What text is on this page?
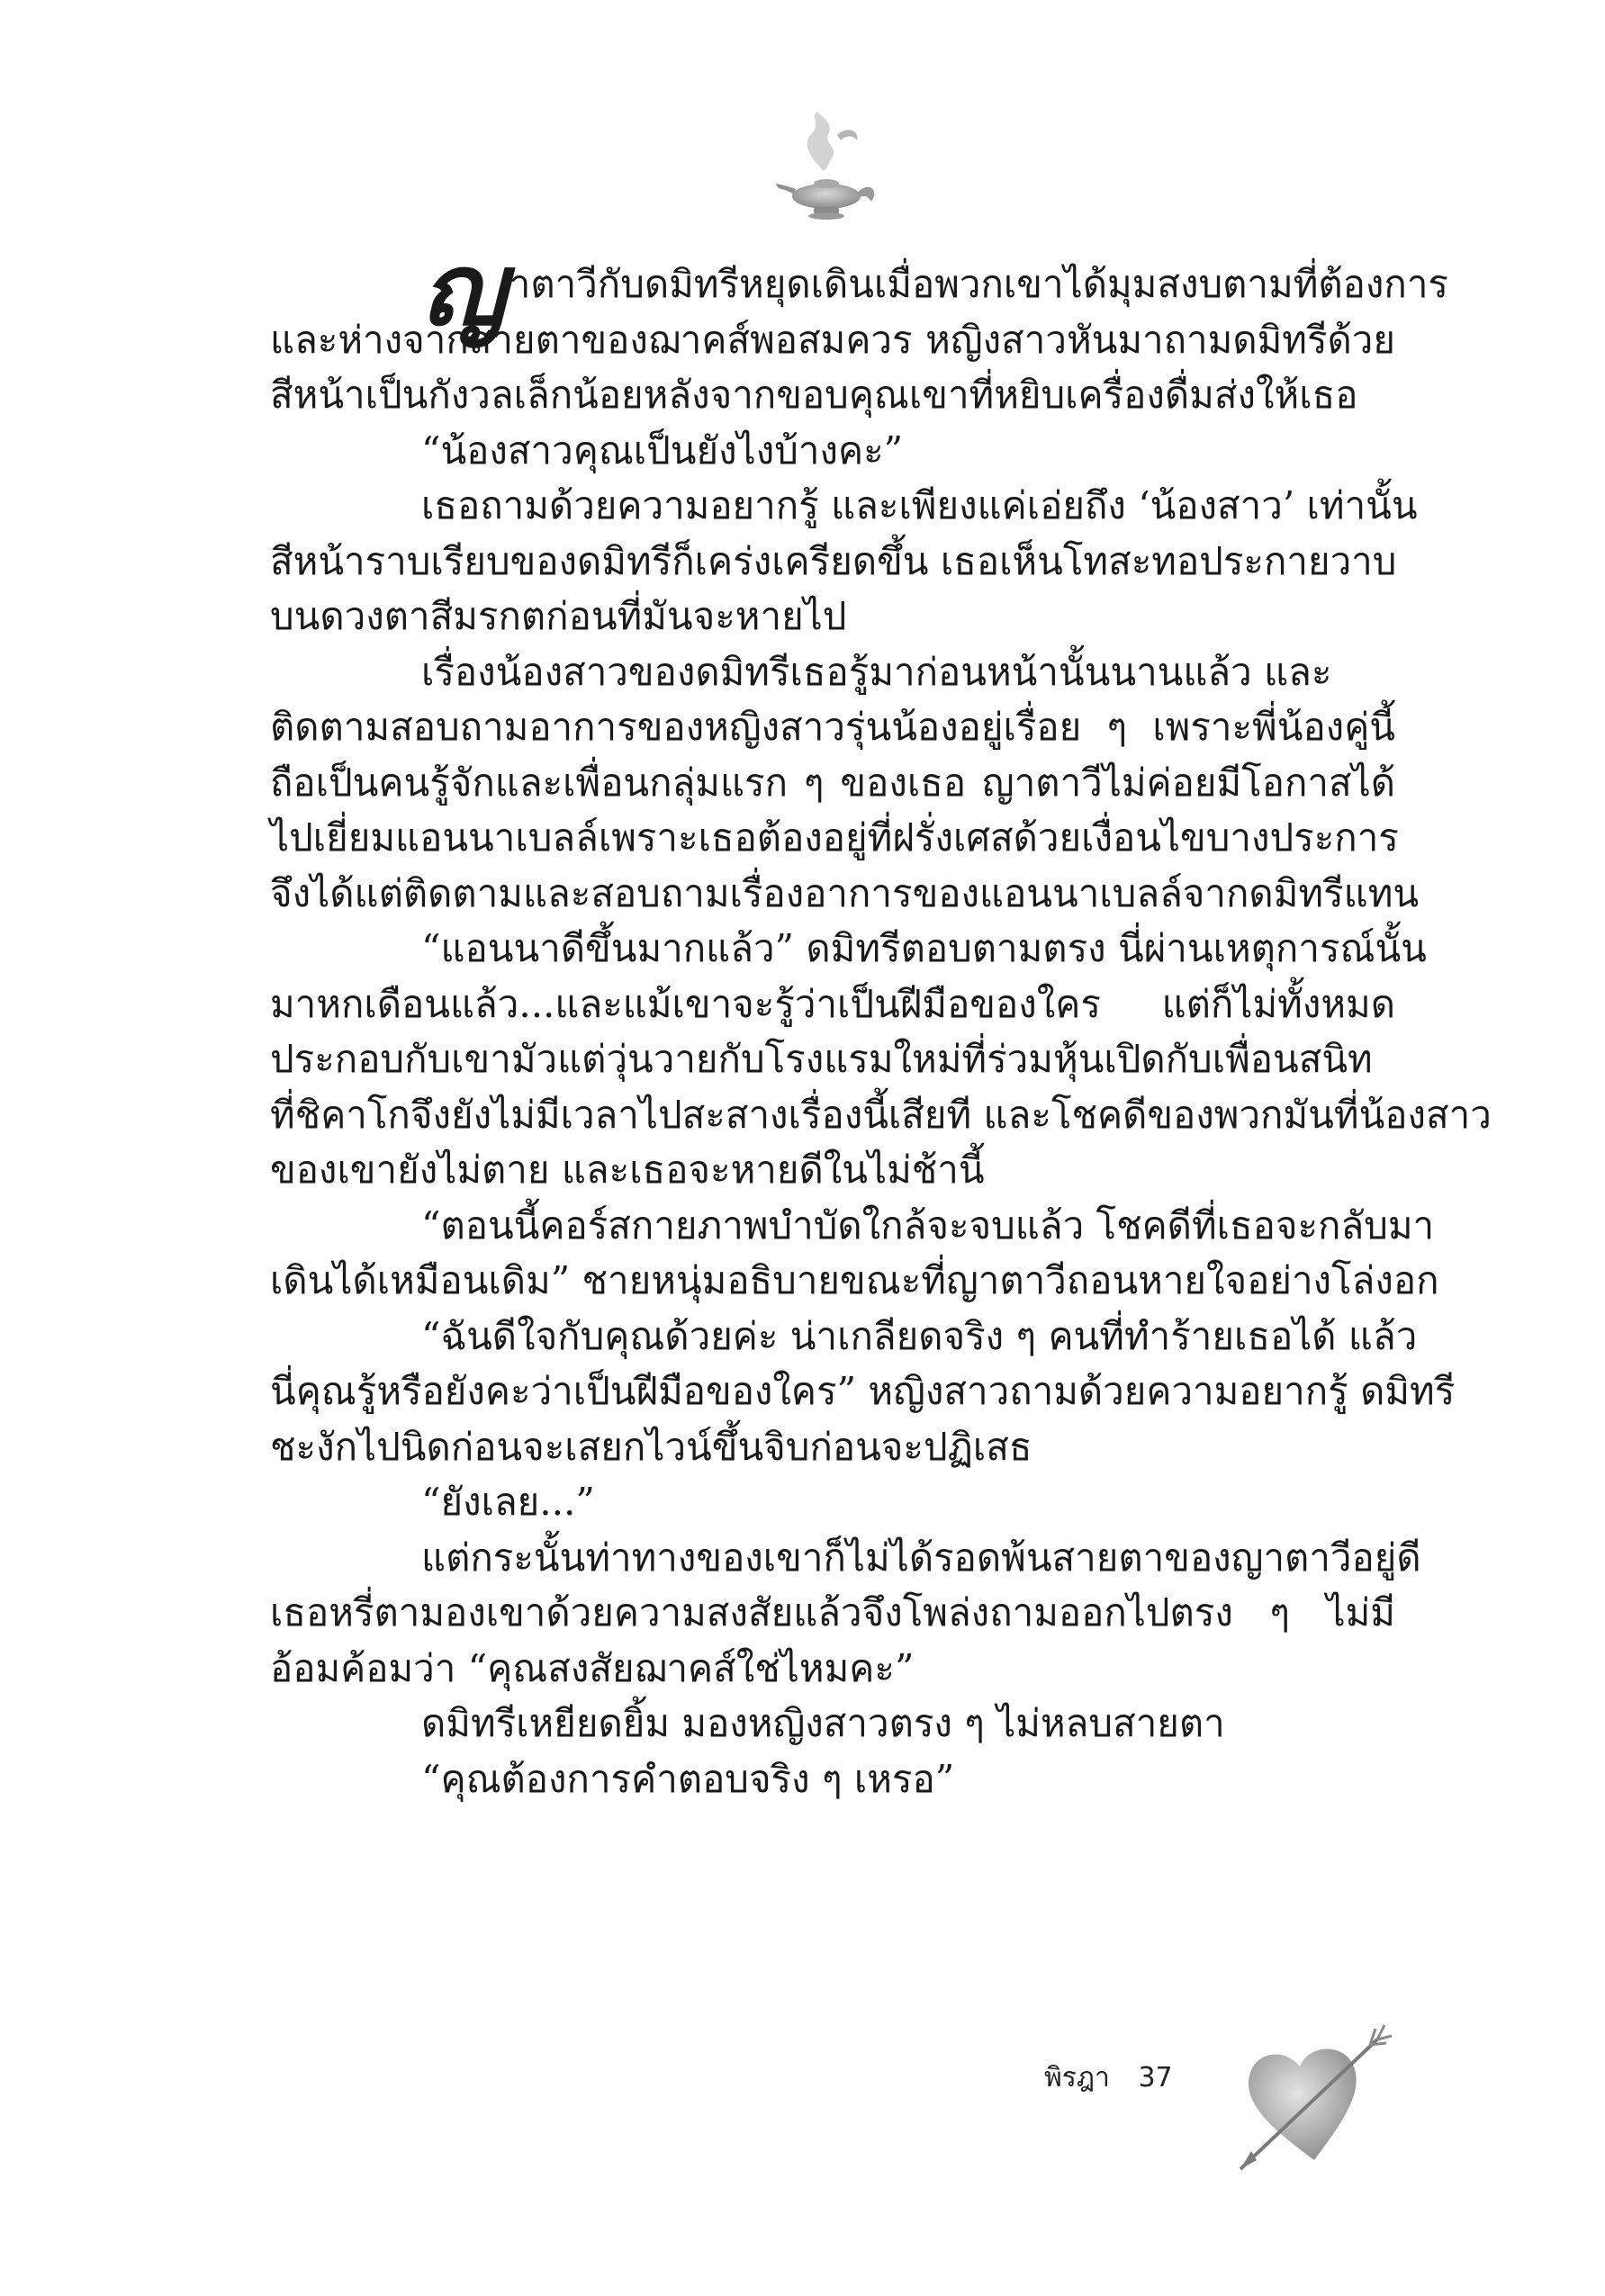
ญ าตาวีกับดมิทรีหยุดเดินเมื่อพวกเขาได้มุมสงบตามที่ต้องการ
และห่างจากสายตาของฌาคส์พอสมควร หญิงสาวหันมาถามดมิทรีด้วย
สีหน้าเป็นกังวลเล็กน้อยหลังจากขอบคุณเขาที่หยิบเครื่องดื่มส่งให้เธอ
“น้องสาวคุณเป็นยังไงบ้างคะ”
เธอถามด้วยความอยากรู้ และเพียงแค่เอ่ยถึง ‘น้องสาว’ เท่านั้น
สีหน้าราบเรียบของดมิทรีก็เคร่งเครียดขึ้น เธอเห็นโทสะทอประกายวาบ
บนดวงตาสีมรกตก่อนที่มันจะหายไป
เรื่องน้องสาวของดมิทรีเธอรู้มาก่อนหน้านั้นนานแล้ว และ
ติดตามสอบถามอาการของหญิงสาวรุ่นน้องอยู่เรื่อย ๆ เพราะพี่น้องคู่นี้
ถือเป็นคนรู้จักและเพื่อนกลุ่มแรก ๆ ของเธอ ญาตาวีไม่ค่อยมีโอกาสได้
ไปเยี่ยมแอนนาเบลล์เพราะเธอต้องอยู่ที่ฝรั่งเศสด้วยเงื่อนไขบางประการ
จึงได้แต่ติดตามและสอบถามเรื่องอาการของแอนนาเบลล์จากดมิทรีแทน
“แอนนาดีขึ้นมากแล้ว” ดมิทรีตอบตามตรง นี่ผ่านเหตุการณ์นั้น
มาหกเดือนแล้ว...และแม้เขาจะรู้ว่าเป็นฝีมือของใคร แต่ก็ไม่ทั้งหมด
ประกอบกับเขามัวแต่วุ่นวายกับโรงแรมใหม่ที่ร่วมหุ้นเปิดกับเพื่อนสนิท
ที่ชิคาโกจึงยังไม่มีเวลาไปสะสางเรื่องนี้เสียที และโชคดีของพวกมันที่น้องสาว
ของเขายังไม่ตาย และเธอจะหายดีในไม่ช้านี้
“ตอนนี้คอร์สกายภาพบำบัดใกล้จะจบแล้ว โชคดีที่เธอจะกลับมา
เดินได้เหมือนเดิม” ชายหนุ่มอธิบายขณะที่ญาตาวีถอนหายใจอย่างโล่งอก
“ฉันดีใจกับคุณด้วยค่ะ น่าเกลียดจริง ๆ คนที่ทำร้ายเธอได้ แล้ว
นี่คุณรู้หรือยังคะว่าเป็นฝีมือของใคร” หญิงสาวถามด้วยความอยากรู้ ดมิทรี
ชะงักไปนิดก่อนจะเสยกไวน์ขึ้นจิบก่อนจะปฏิเสธ
“ยังเลย...”
แต่กระนั้นท่าทางของเขาก็ไม่ได้รอดพ้นสายตาของญาตาวีอยู่ดี
เธอหรี่ตามองเขาด้วยความสงสัยแล้วจึงโพล่งถามออกไปตรง ๆ ไม่มี
อ้อมค้อมว่า “คุณสงสัยฌาคส์ใช่ไหมคะ”
ดมิทรีเหยียดยิ้ม มองหญิงสาวตรง ๆ ไม่หลบสายตา
“คุณต้องการคำตอบจริง ๆ เหรอ”
พิรฎา 37
